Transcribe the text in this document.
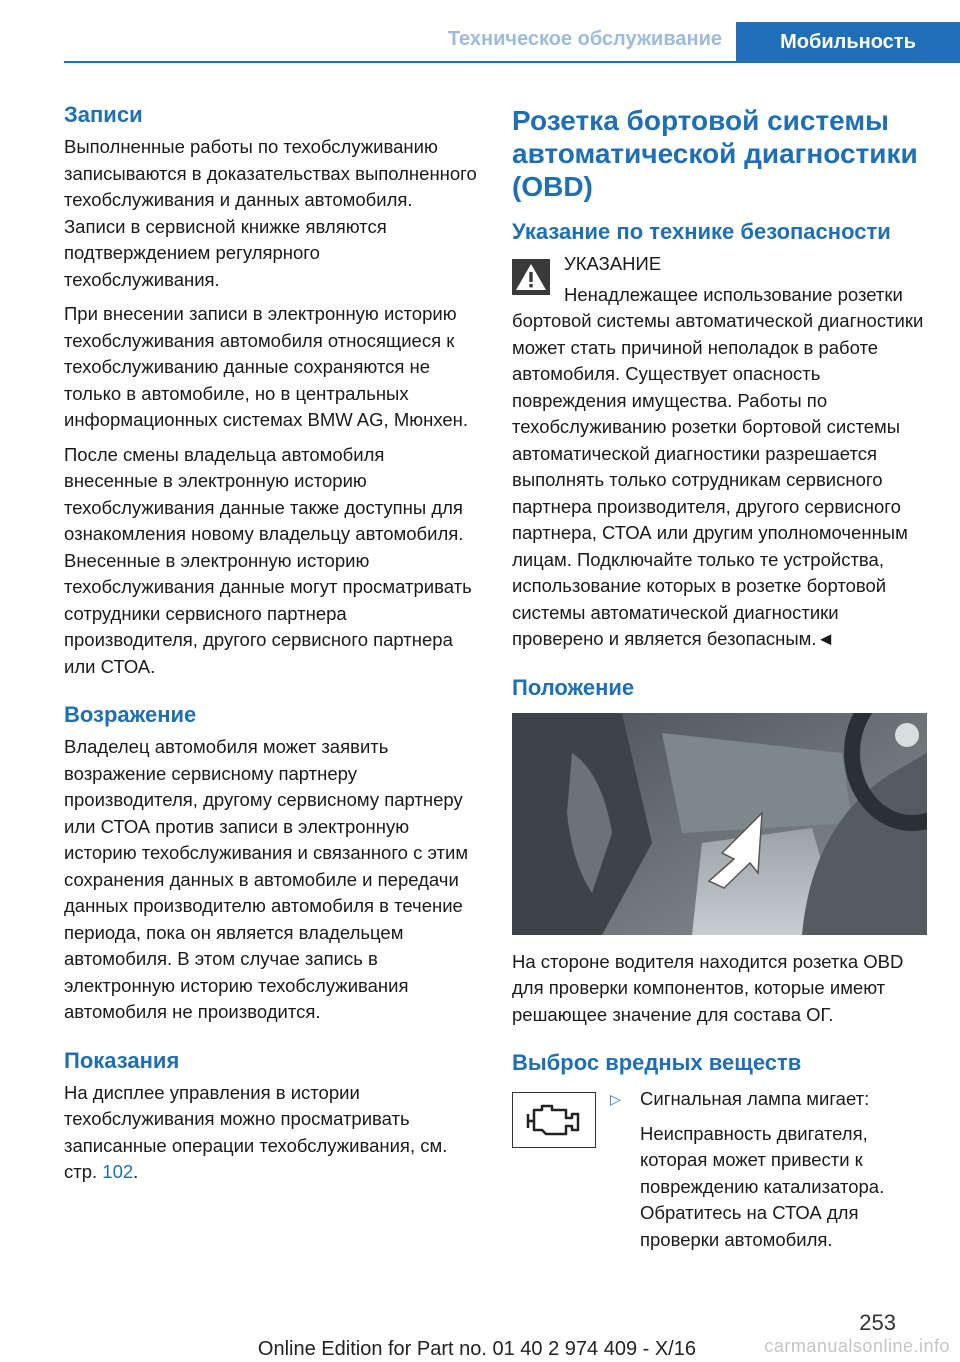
Техническое обслуживание	Мобильность
Записи

Выполненные работы по техобслуживанию записываются в доказательствах выполненного техобслуживания и данных автомобиля. Записи в сервисной книжке являются подтверждением регулярного техобслуживания.

При внесении записи в электронную историю техобслуживания автомобиля относящиеся к техобслуживанию данные сохраняются не только в автомобиле, но в центральных информационных системах BMW AG, Мюнхен.

После смены владельца автомобиля внесенные в электронную историю техобслуживания данные также доступны для ознакомления новому владельцу автомобиля. Внесенные в электронную историю техобслуживания данные могут просматривать сотрудники сервисного партнера производителя, другого сервисного партнера или СТОА.

Возражение

Владелец автомобиля может заявить возражение сервисному партнеру производителя, другому сервисному партнеру или СТОА против записи в электронную историю техобслуживания и связанного с этим сохранения данных в автомобиле и передачи данных производителю автомобиля в течение периода, пока он является владельцем автомобиля. В этом случае запись в электронную историю техобслуживания автомобиля не производится.

Показания

На дисплее управления в истории техобслуживания можно просматривать записанные операции техобслуживания, см. стр. 102.

Розетка бортовой системы автоматической диагностики (OBD)
Указание по технике безопасности

УКАЗАНИЕ

Ненадлежащее использование розетки бортовой системы автоматической диагностики может стать причиной неполадок в работе автомобиля. Существует опасность повреждения имущества. Работы по техобслуживанию розетки бортовой системы автоматической диагностики разрешается выполнять только сотрудникам сервисного партнера производителя, другого сервисного партнера, СТОА или другим уполномоченным лицам. Подключайте только те устройства, использование которых в розетке бортовой системы автоматической диагностики проверено и является безопасным.◄

Положение

На стороне водителя находится розетка OBD для проверки компонентов, которые имеют решающее значение для состава ОГ.

Выброс вредных веществ
▷	Сигнальная лампа мигает:

Неисправность двигателя, которая может привести к повреждению катализатора. Обратитесь на СТОА для проверки автомобиля.

253
Online Edition for Part no. 01 40 2 974 409 - X/16	carmanualsonline.info
